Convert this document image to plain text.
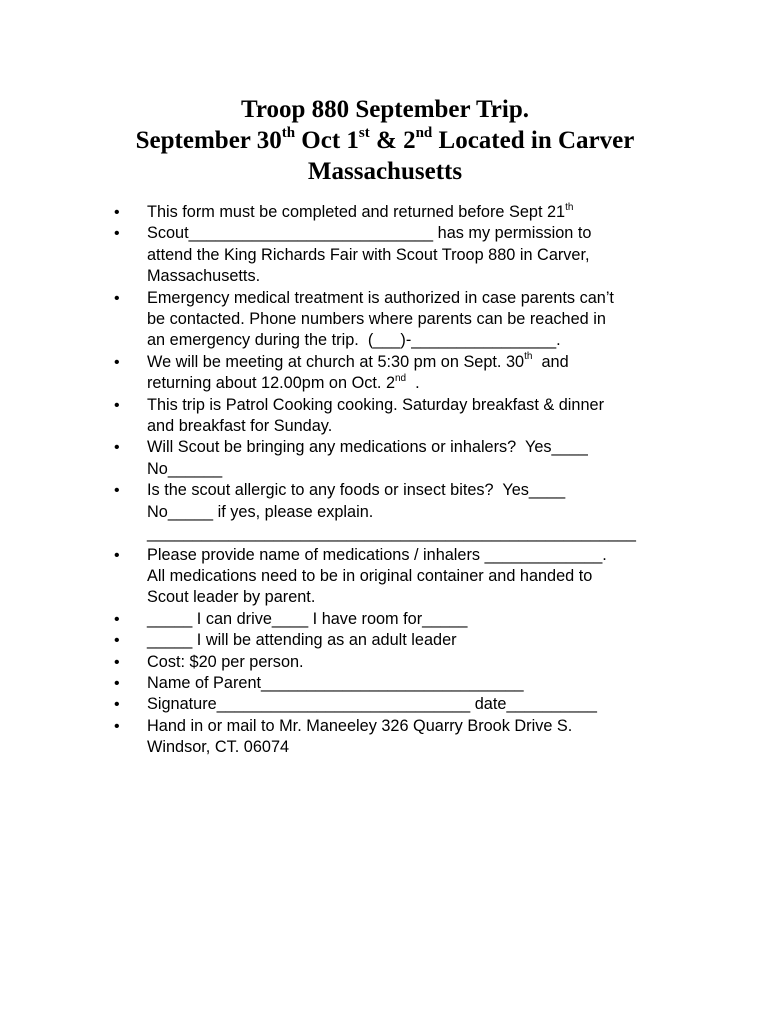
Troop 880 September Trip.
September 30th Oct 1st & 2nd Located in Carver
Massachusetts
• This form must be completed and returned before Sept 21th
• Scout___________________________ has my permission to
attend the King Richards Fair with Scout Troop 880 in Carver,
Massachusetts.
• Emergency medical treatment is authorized in case parents can’t
be contacted. Phone numbers where parents can be reached in
an emergency during the trip.  (___)-________________.
• We will be meeting at church at 5:30 pm on Sept. 30th  and
returning about 12.00pm on Oct. 2nd  .
• This trip is Patrol Cooking cooking. Saturday breakfast & dinner
and breakfast for Sunday.
• Will Scout be bringing any medications or inhalers?  Yes____
No______
• Is the scout allergic to any foods or insect bites?  Yes____
No_____ if yes, please explain.
______________________________________________________
• Please provide name of medications / inhalers _____________.
All medications need to be in original container and handed to
Scout leader by parent.
• _____ I can drive____ I have room for_____
• _____ I will be attending as an adult leader
• Cost: $20 per person.
• Name of Parent_____________________________
• Signature____________________________ date__________
• Hand in or mail to Mr. Maneeley 326 Quarry Brook Drive S.
Windsor, CT. 06074
